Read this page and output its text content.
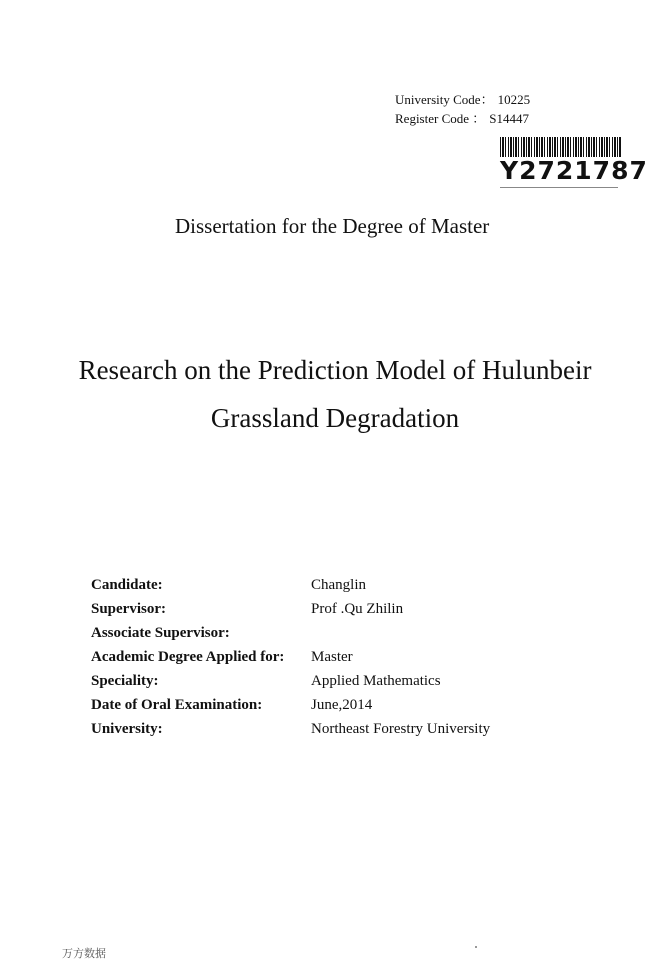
University Code： 10225
Register Code ： S14447
Y2721787
Dissertation for the Degree of Master
Research on the Prediction Model of Hulunbeir
Grassland Degradation
Candidate:	Changlin
Supervisor:	Prof .Qu Zhilin
Associate Supervisor:
Academic Degree Applied for:	Master
Speciality:	Applied Mathematics
Date of Oral Examination:	June,2014
University:	Northeast Forestry University
万方数据
